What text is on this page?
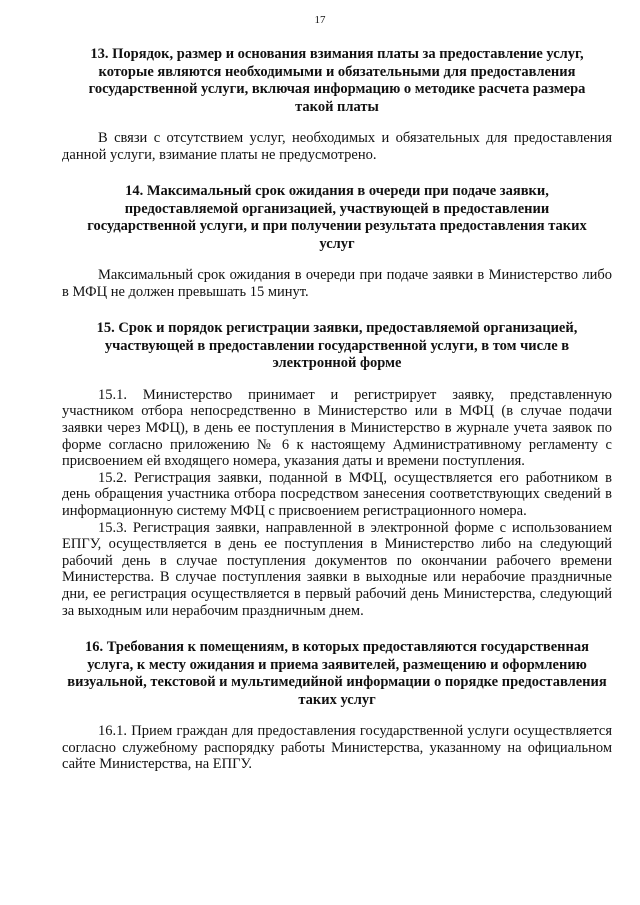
17

13. Порядок, размер и основания взимания платы за предоставление услуг, которые являются необходимыми и обязательными для предоставления государственной услуги, включая информацию о методике расчета размера такой платы

В связи с отсутствием услуг, необходимых и обязательных для предоставления данной услуги, взимание платы не предусмотрено.

14. Максимальный срок ожидания в очереди при подаче заявки, предоставляемой организацией, участвующей в предоставлении государственной услуги, и при получении результата предоставления таких услуг

Максимальный срок ожидания в очереди при подаче заявки в Министерство либо в МФЦ не должен превышать 15 минут.

15. Срок и порядок регистрации заявки, предоставляемой организацией, участвующей в предоставлении государственной услуги, в том числе в электронной форме

15.1. Министерство принимает и регистрирует заявку, представленную участником отбора непосредственно в Министерство или в МФЦ (в случае подачи заявки через МФЦ), в день ее поступления в Министерство в журнале учета заявок по форме согласно приложению № 6 к настоящему Административному регламенту с присвоением ей входящего номера, указания даты и времени поступления.

15.2. Регистрация заявки, поданной в МФЦ, осуществляется его работником в день обращения участника отбора посредством занесения соответствующих сведений в информационную систему МФЦ с присвоением регистрационного номера.

15.3. Регистрация заявки, направленной в электронной форме с использованием ЕПГУ, осуществляется в день ее поступления в Министерство либо на следующий рабочий день в случае поступления документов по окончании рабочего времени Министерства. В случае поступления заявки в выходные или нерабочие праздничные дни, ее регистрация осуществляется в первый рабочий день Министерства, следующий за выходным или нерабочим праздничным днем.

16. Требования к помещениям, в которых предоставляются государственная услуга, к месту ожидания и приема заявителей, размещению и оформлению визуальной, текстовой и мультимедийной информации о порядке предоставления таких услуг

16.1. Прием граждан для предоставления государственной услуги осуществляется согласно служебному распорядку работы Министерства, указанному на официальном сайте Министерства, на ЕПГУ.
